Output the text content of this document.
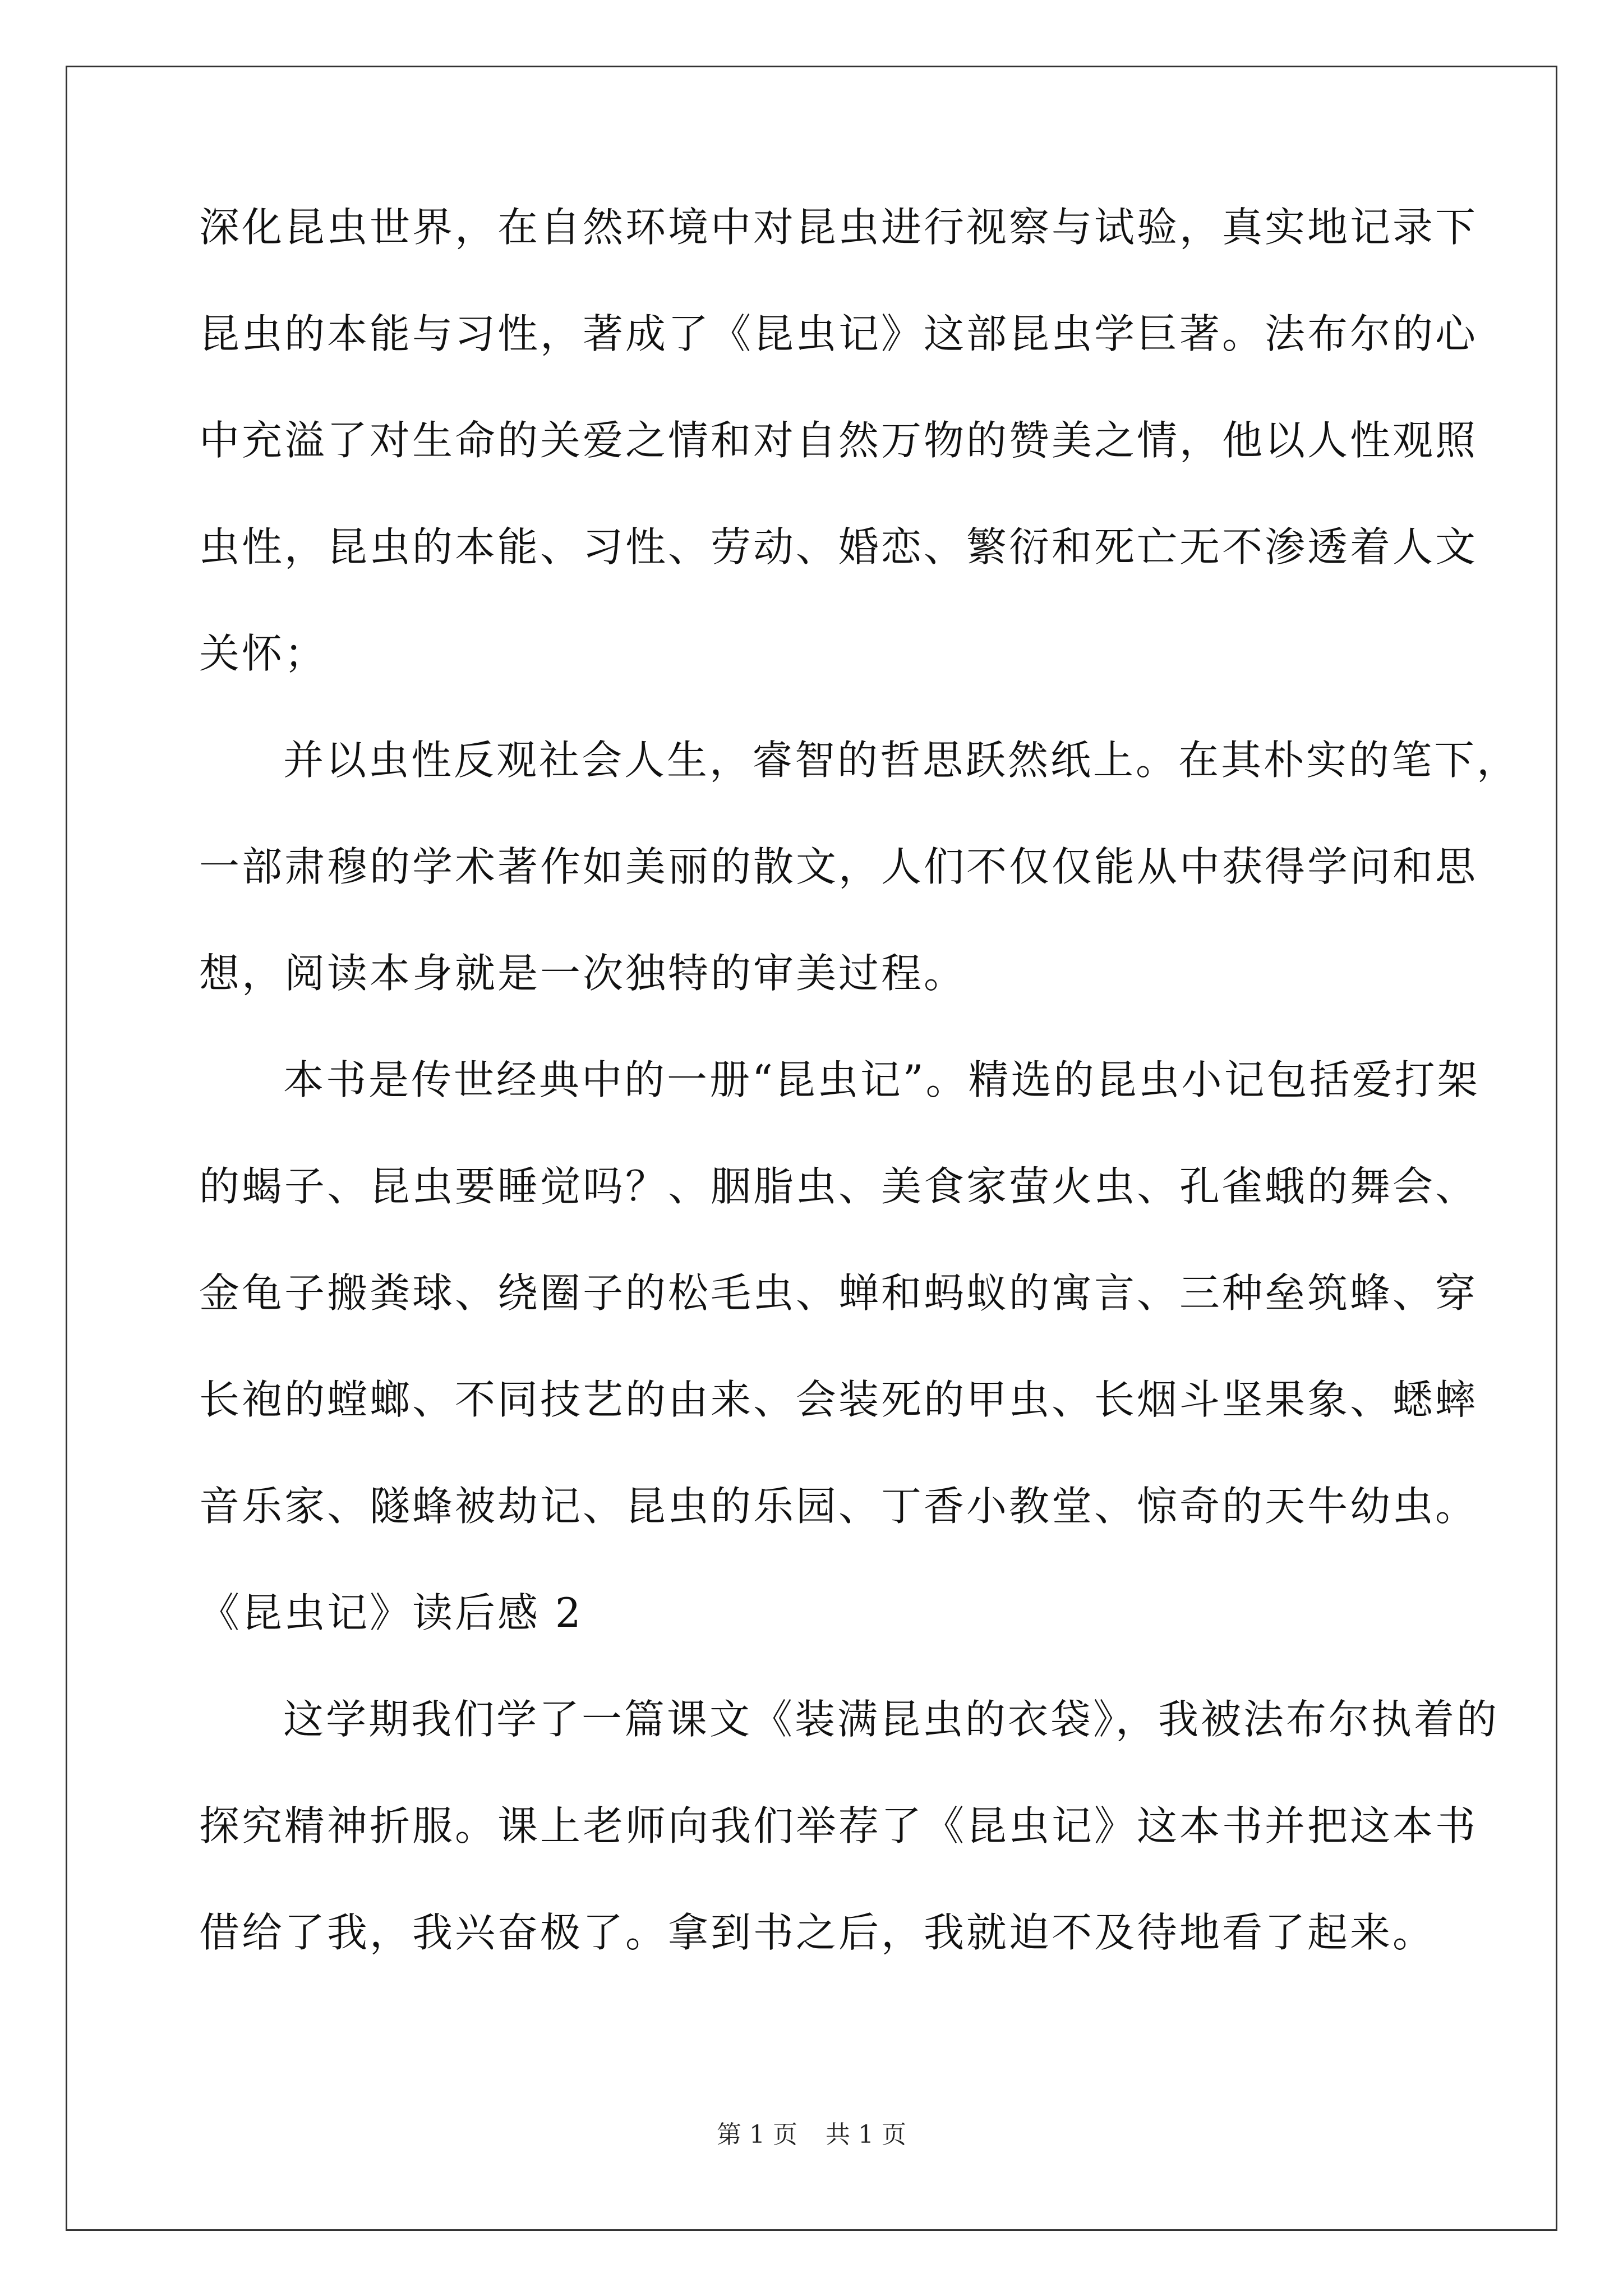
深化昆虫世界，在自然环境中对昆虫进行视察与试验，真实地记录下
昆虫的本能与习性，著成了《昆虫记》这部昆虫学巨著。法布尔的心
中充溢了对生命的关爱之情和对自然万物的赞美之情，他以人性观照
虫性，昆虫的本能、习性、劳动、婚恋、繁衍和死亡无不渗透着人文
关怀；
并以虫性反观社会人生，睿智的哲思跃然纸上。在其朴实的笔下，
一部肃穆的学术著作如美丽的散文，人们不仅仅能从中获得学问和思
想，阅读本身就是一次独特的审美过程。
本书是传世经典中的一册“昆虫记”。精选的昆虫小记包括爱打架
的蝎子、昆虫要睡觉吗？、胭脂虫、美食家萤火虫、孔雀蛾的舞会、
金龟子搬粪球、绕圈子的松毛虫、蝉和蚂蚁的寓言、三种垒筑蜂、穿
长袍的螳螂、不同技艺的由来、会装死的甲虫、长烟斗坚果象、蟋蟀
音乐家、隧蜂被劫记、昆虫的乐园、丁香小教堂、惊奇的天牛幼虫。
《昆虫记》读后感 2
这学期我们学了一篇课文《装满昆虫的衣袋》，我被法布尔执着的
探究精神折服。课上老师向我们举荐了《昆虫记》这本书并把这本书
借给了我，我兴奋极了。拿到书之后，我就迫不及待地看了起来。
第 1 页 共 1 页
